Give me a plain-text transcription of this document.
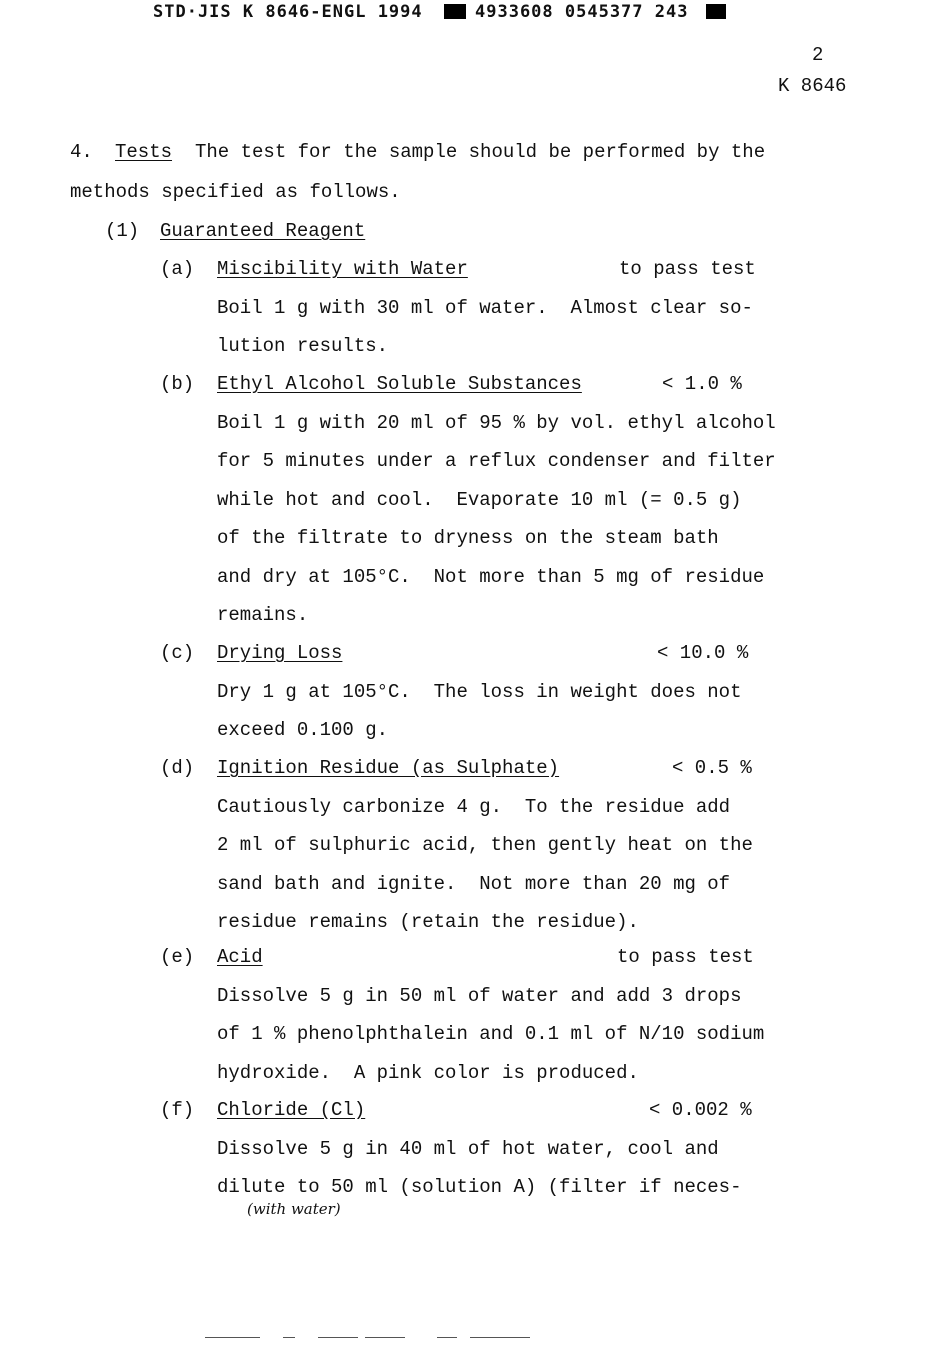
STD·JIS K 8646-ENGL 1994	4933608 0545377 243
2
K 8646
4. Tests The test for the sample should be performed by the
methods specified as follows.
(1) Guaranteed Reagent
(a) Miscibility with Water	to pass test
Boil 1 g with 30 ml of water.  Almost clear so-
lution results.
(b) Ethyl Alcohol Soluble Substances	< 1.0 %
Boil 1 g with 20 ml of 95 % by vol. ethyl alcohol
for 5 minutes under a reflux condenser and filter
while hot and cool.  Evaporate 10 ml (= 0.5 g)
of the filtrate to dryness on the steam bath
and dry at 105°C.  Not more than 5 mg of residue
remains.
(c) Drying Loss	< 10.0 %
Dry 1 g at 105°C.  The loss in weight does not
exceed 0.100 g.
(d) Ignition Residue (as Sulphate)	< 0.5 %
Cautiously carbonize 4 g.  To the residue add
2 ml of sulphuric acid, then gently heat on the
sand bath and ignite.  Not more than 20 mg of
residue remains (retain the residue).
(e) Acid	to pass test
Dissolve 5 g in 50 ml of water and add 3 drops
of 1 % phenolphthalein and 0.1 ml of N/10 sodium
hydroxide.  A pink color is produced.
(f) Chloride (Cl)	< 0.002 %
Dissolve 5 g in 40 ml of hot water, cool and
dilute to 50 ml (solution A) (filter if neces-
(with water)
